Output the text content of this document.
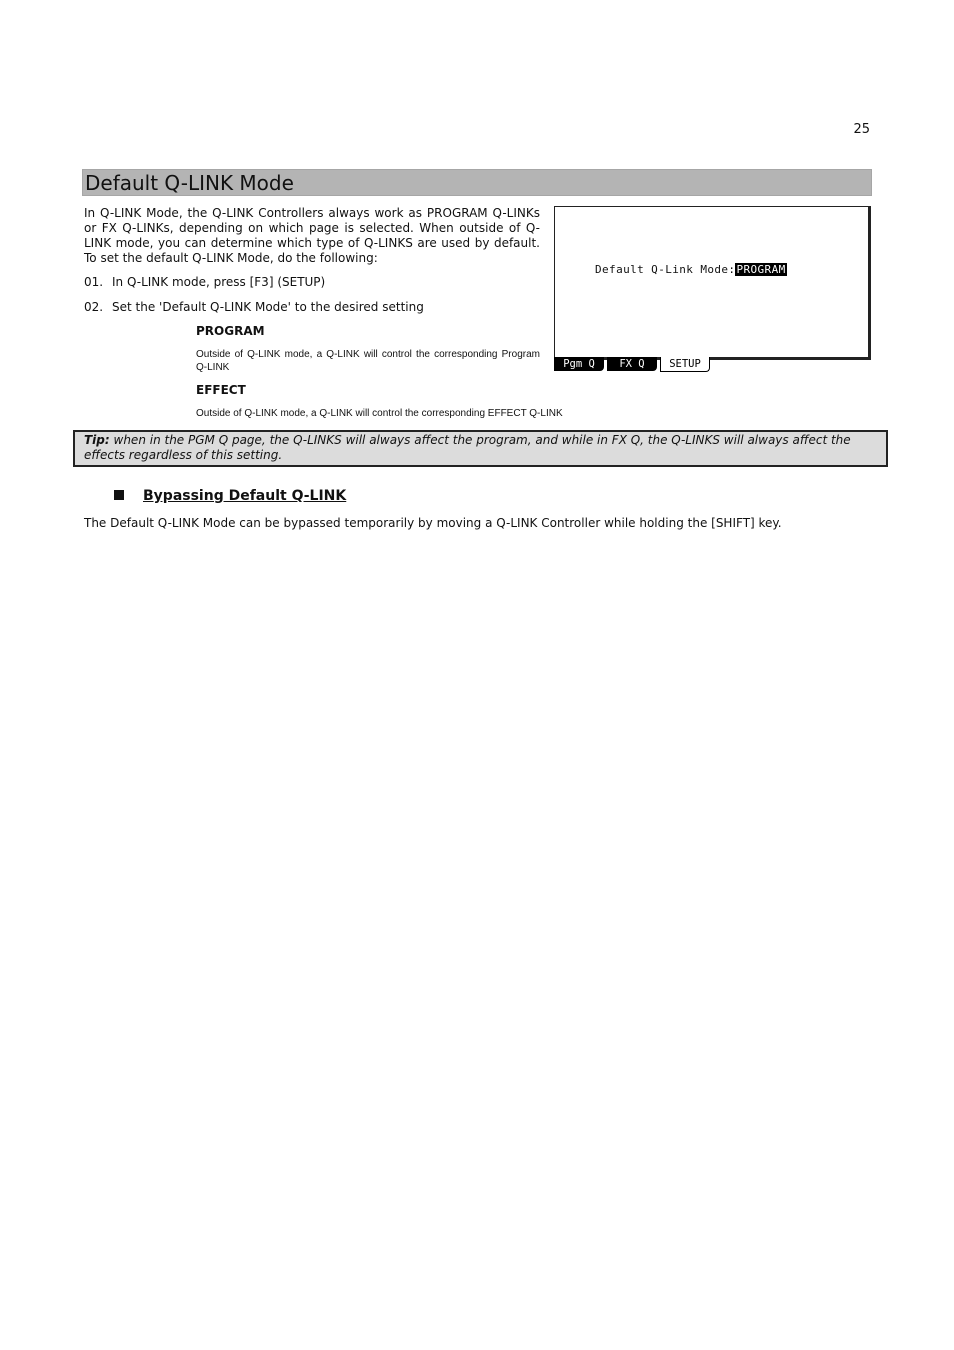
25
Default Q-LINK Mode

In Q-LINK Mode, the Q-LINK Controllers always work as PROGRAM Q-LINKs or FX Q-LINKs, depending on which page is selected. When outside of Q-LINK mode, you can determine which type of Q-LINKS are used by default. To set the default Q-LINK Mode, do the following:

01. In Q-LINK mode, press [F3] (SETUP)
02. Set the 'Default Q-LINK Mode' to the desired setting
PROGRAM
Outside of Q-LINK mode, a Q-LINK will control the corresponding Program Q-LINK
EFFECT
Outside of Q-LINK mode, a Q-LINK will control the corresponding EFFECT Q-LINK
Default Q-Link Mode:PROGRAM
Pgm Q	FX Q	SETUP
Tip: when in the PGM Q page, the Q-LINKS will always affect the program, and while in FX Q, the Q-LINKS will always affect the effects regardless of this setting.
Bypassing Default Q-LINK
The Default Q-LINK Mode can be bypassed temporarily by moving a Q-LINK Controller while holding the [SHIFT] key.
